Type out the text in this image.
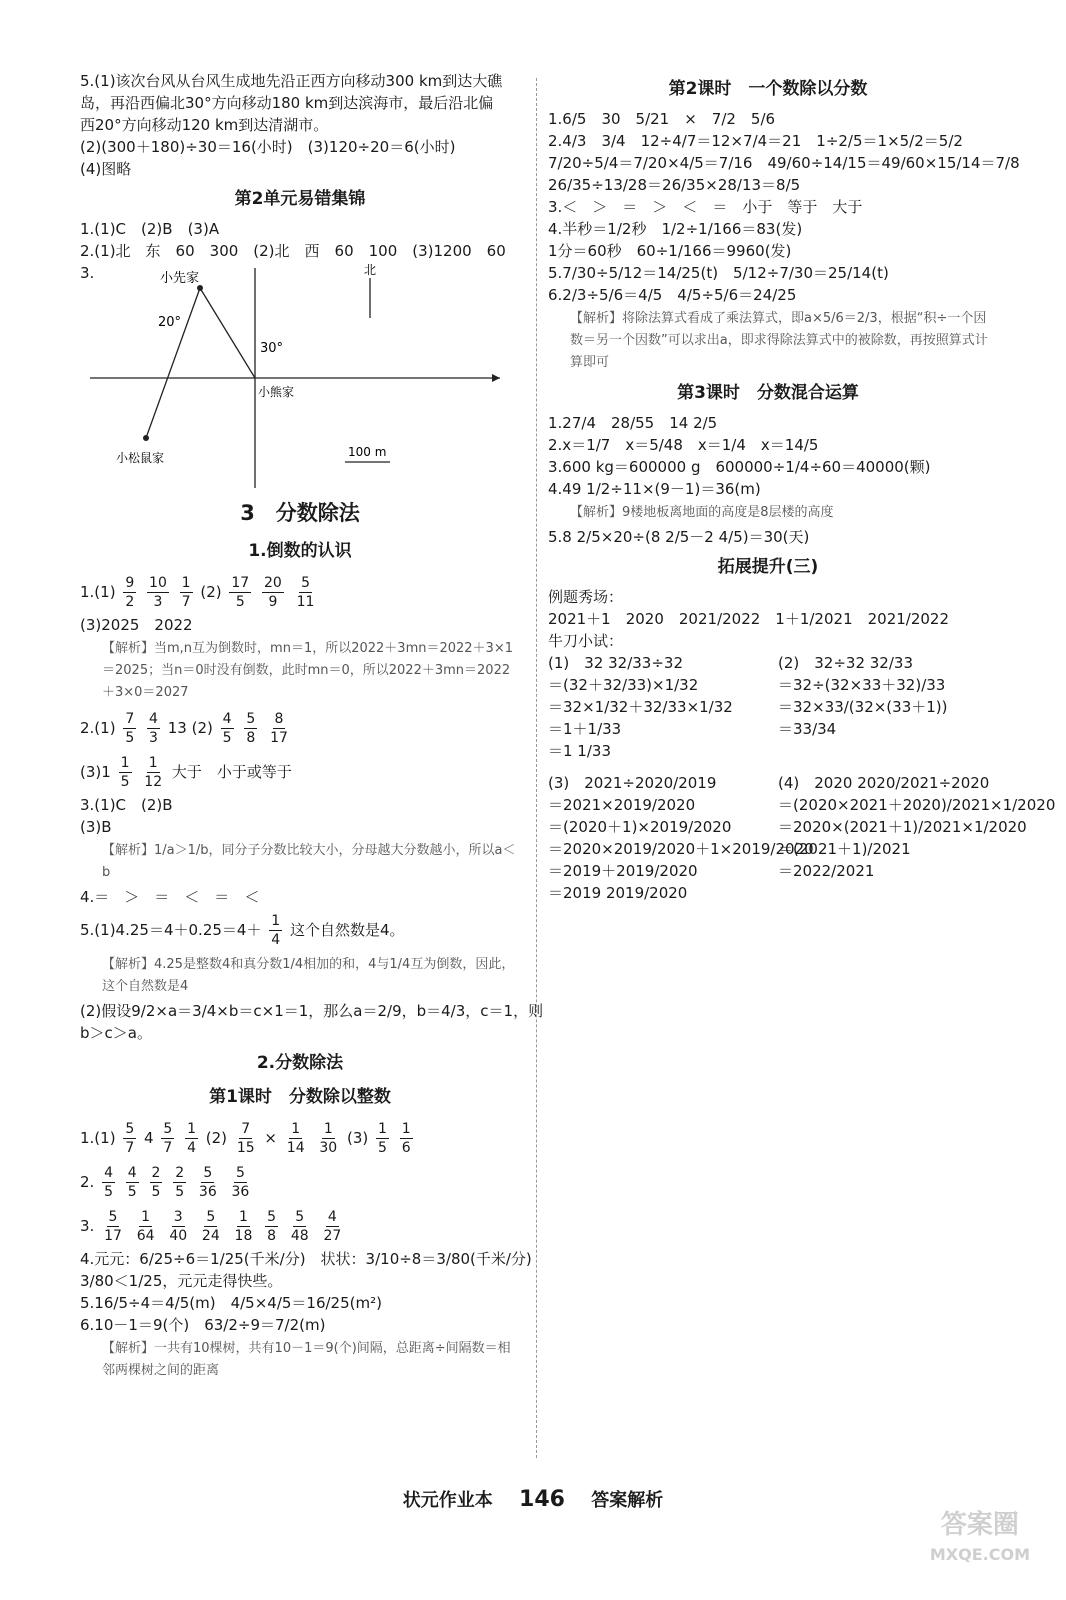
5.(1)该次台风从台风生成地先沿正西方向移动300 km到达大礁

岛，再沿西偏北30°方向移动180 km到达滨海市，最后沿北偏

西20°方向移动120 km到达清湖市。

(2)(300＋180)÷30＝16(小时)　(3)120÷20＝6(小时)

(4)图略

第2单元易错集锦

1.(1)C　(2)B　(3)A

2.(1)北　东　60　300　(2)北　西　60　100　(3)1200　60

3.	小先家
20°
30°
小熊家
小松鼠家
北
100 m
3　分数除法
1.倒数的认识

$1.(1) \frac{9}{2}$
$\frac{10}{3}$
$\frac{1}{7} (2) \frac{17}{5}$
$\frac{20}{9}$
$\frac{5}{11}$

(3)2025　2022

【解析】当m,n互为倒数时，mn＝1，所以2022＋3mn＝2022＋3×1＝2025；当n＝0时没有倒数，此时mn＝0，所以2022＋3mn＝2022＋3×0＝2027

$2.(1) \frac{7}{5}$
$\frac{4}{3} 13$ $(2) \frac{4}{5}$
$\frac{5}{8}$
$\frac{8}{17}$

$(3)1 \frac{1}{5}$
$\frac{1}{12}$ 大于　小于或等于

3.(1)C　(2)B

(3)B

【解析】1/a＞1/b，同分子分数比较大小，分母越大分数越小，所以a＜b

4.＝　＞　＝　＜　＝　＜

$5.(1)4.25=4+0.25=4+ \frac{1}{4}$ 这个自然数是4。

【解析】4.25是整数4和真分数1/4相加的和，4与1/4互为倒数，因此，这个自然数是4

(2)假设9/2×a＝3/4×b＝c×1＝1，那么a＝2/9，b＝4/3，c＝1，则

b＞c＞a。

2.分数除法
第1课时　分数除以整数

$1.(1) \frac{5}{7} 4 \frac{5}{7}$
$\frac{1}{4} (2) \frac{7}{15} \times \frac{1}{14}$
$\frac{1}{30} (3) \frac{1}{5}$
$\frac{1}{6}$

2. $\frac{4}{5}$
$\frac{4}{5}$
$\frac{2}{5}$
$\frac{2}{5}$
$\frac{5}{36}$
$\frac{5}{36}$

3. $\frac{5}{17}$
$\frac{1}{64}$
$\frac{3}{40}$
$\frac{5}{24}$
$\frac{1}{18}$
$\frac{5}{8}$
$\frac{5}{48}$
$\frac{4}{27}$

4.元元：6/25÷6＝1/25(千米/分)　状状：3/10÷8＝3/80(千米/分)

3/80＜1/25，元元走得快些。

5.16/5÷4＝4/5(m)　4/5×4/5＝16/25(m²)

6.10－1＝9(个)　63/2÷9＝7/2(m)

【解析】一共有10棵树，共有10－1＝9(个)间隔，总距离÷间隔数＝相邻两棵树之间的距离

第2课时　一个数除以分数

1.6/5　30　5/21　×　7/2　5/6

2.4/3　3/4　12÷4/7＝12×7/4＝21　1÷2/5＝1×5/2＝5/2

7/20÷5/4＝7/20×4/5＝7/16　49/60÷14/15＝49/60×15/14＝7/8

26/35÷13/28＝26/35×28/13＝8/5

3.＜　＞　＝　＞　＜　＝　小于　等于　大于

4.半秒＝1/2秒　1/2÷1/166＝83(发)

1分＝60秒　60÷1/166＝9960(发)

5.7/30÷5/12＝14/25(t)　5/12÷7/30＝25/14(t)

6.2/3÷5/6＝4/5　4/5÷5/6＝24/25

【解析】将除法算式看成了乘法算式，即a×5/6＝2/3，根据“积÷一个因数＝另一个因数”可以求出a，即求得除法算式中的被除数，再按照算式计算即可

第3课时　分数混合运算

1.27/4　28/55　14 2/5

2.x＝1/7　x＝5/48　x＝1/4　x＝14/5

3.600 kg＝600000 g　600000÷1/4÷60＝40000(颗)

4.49 1/2÷11×(9－1)＝36(m)

【解析】9楼地板离地面的高度是8层楼的高度

5.8 2/5×20÷(8 2/5－2 4/5)＝30(天)

拓展提升(三)

例题秀场：

2021＋1　2020　2021/2022　1＋1/2021　2021/2022

牛刀小试：

(1)　32 32/33÷32

＝(32＋32/33)×1/32

＝32×1/32＋32/33×1/32

＝1＋1/33

＝1 1/33

(2)　32÷32 32/33

＝32÷(32×33＋32)/33

＝32×33/(32×(33＋1))

＝33/34

(3)　2021÷2020/2019

＝2021×2019/2020

＝(2020＋1)×2019/2020

＝2020×2019/2020＋1×2019/2020

＝2019＋2019/2020

＝2019 2019/2020

(4)　2020 2020/2021÷2020

＝(2020×2021＋2020)/2021×1/2020

＝2020×(2021＋1)/2021×1/2020

＝(2021＋1)/2021

＝2022/2021

状元作业本 146 答案解析
答案圈
MXQE.COM
